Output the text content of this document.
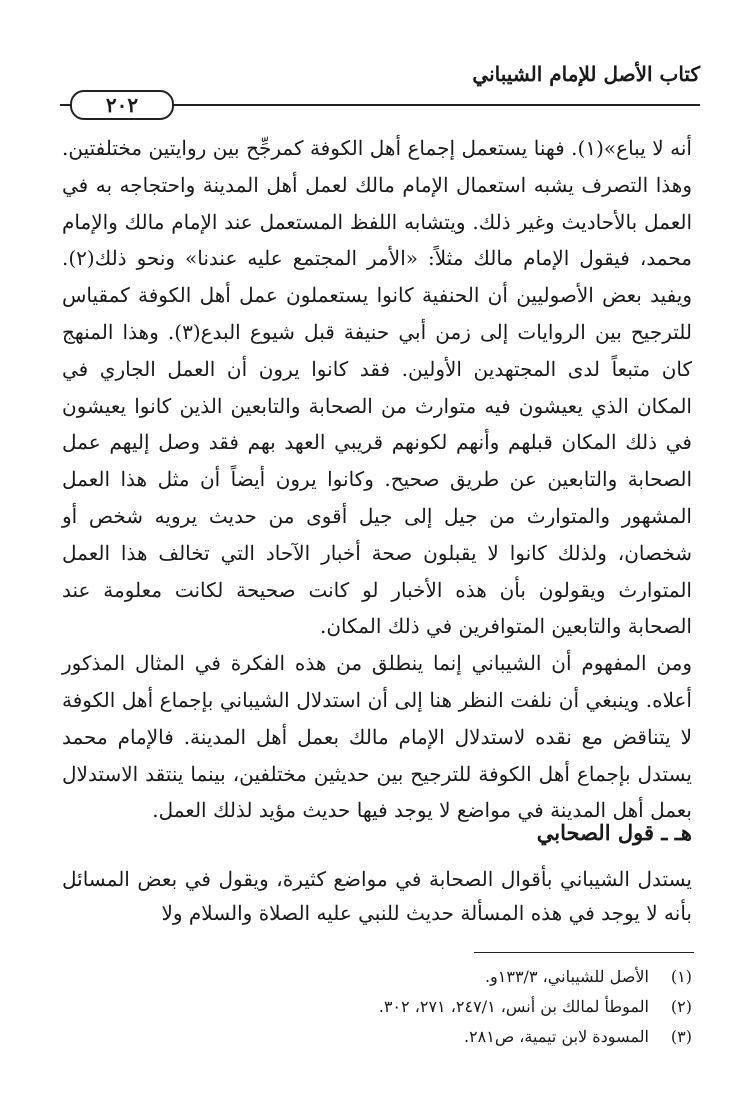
كتاب الأصل للإمام الشيباني
٢٠٢

أنه لا يباع»(١). فهنا يستعمل إجماع أهل الكوفة كمرجِّح بين روايتين مختلفتين. وهذا التصرف يشبه استعمال الإمام مالك لعمل أهل المدينة واحتجاجه به في العمل بالأحاديث وغير ذلك. ويتشابه اللفظ المستعمل عند الإمام مالك والإمام محمد، فيقول الإمام مالك مثلاً: «الأمر المجتمع عليه عندنا» ونحو ذلك(٢). ويفيد بعض الأصوليين أن الحنفية كانوا يستعملون عمل أهل الكوفة كمقياس للترجيح بين الروايات إلى زمن أبي حنيفة قبل شيوع البدع(٣). وهذا المنهج كان متبعاً لدى المجتهدين الأولين. فقد كانوا يرون أن العمل الجاري في المكان الذي يعيشون فيه متوارث من الصحابة والتابعين الذين كانوا يعيشون في ذلك المكان قبلهم وأنهم لكونهم قريبي العهد بهم فقد وصل إليهم عمل الصحابة والتابعين عن طريق صحيح. وكانوا يرون أيضاً أن مثل هذا العمل المشهور والمتوارث من جيل إلى جيل أقوى من حديث يرويه شخص أو شخصان، ولذلك كانوا لا يقبلون صحة أخبار الآحاد التي تخالف هذا العمل المتوارث ويقولون بأن هذه الأخبار لو كانت صحيحة لكانت معلومة عند الصحابة والتابعين المتوافرين في ذلك المكان.

ومن المفهوم أن الشيباني إنما ينطلق من هذه الفكرة في المثال المذكور أعلاه. وينبغي أن نلفت النظر هنا إلى أن استدلال الشيباني بإجماع أهل الكوفة لا يتناقض مع نقده لاستدلال الإمام مالك بعمل أهل المدينة. فالإمام محمد يستدل بإجماع أهل الكوفة للترجيح بين حديثين مختلفين، بينما ينتقد الاستدلال بعمل أهل المدينة في مواضع لا يوجد فيها حديث مؤيد لذلك العمل.

هـ ـ قول الصحابي

يستدل الشيباني بأقوال الصحابة في مواضع كثيرة، ويقول في بعض المسائل بأنه لا يوجد في هذه المسألة حديث للنبي عليه الصلاة والسلام ولا

(١) الأصل للشيباني، ١٣٣/٣و.
(٢) الموطأ لمالك بن أنس، ٢٤٧/١، ٢٧١، ٣٠٢.
(٣) المسودة لابن تيمية، ص٢٨١.
